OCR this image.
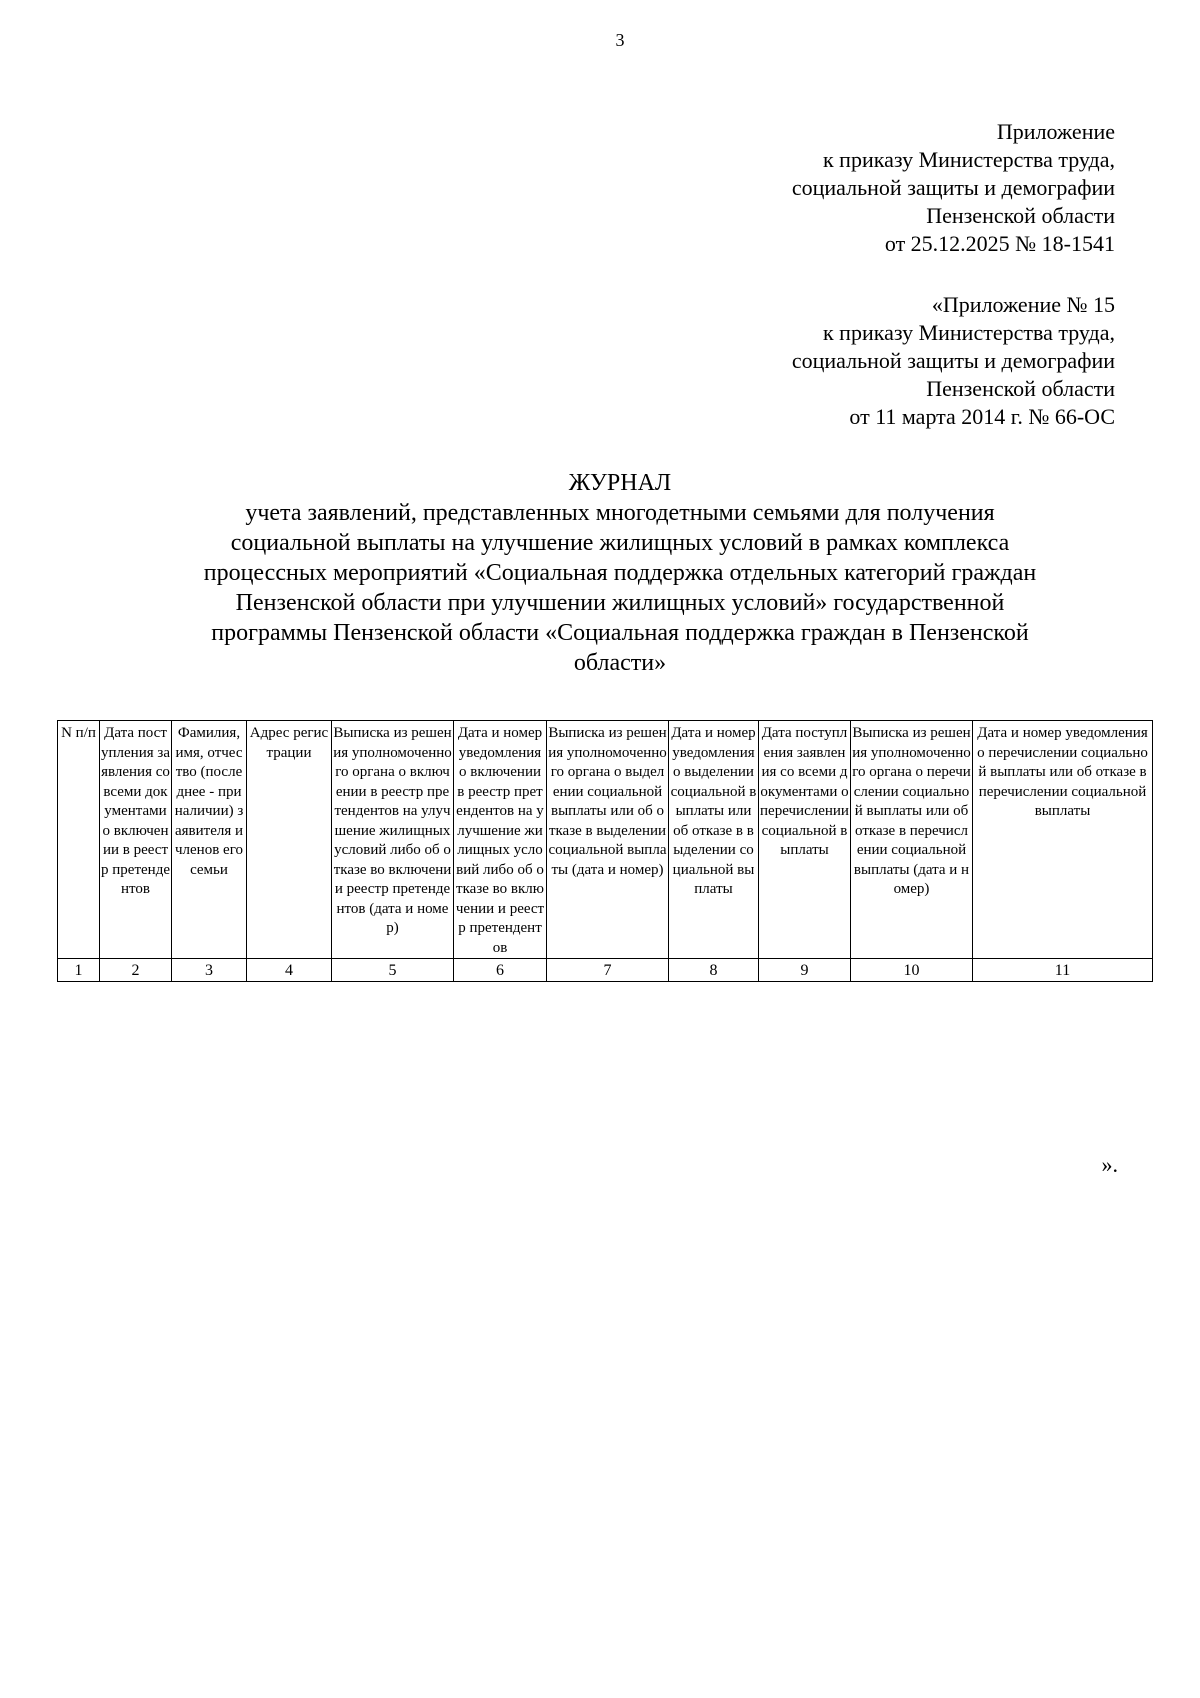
3
Приложение
к приказу Министерства труда,
социальной защиты и демографии
Пензенской области
от 25.12.2025 № 18-1541
«Приложение № 15
к приказу Министерства труда,
социальной защиты и демографии
Пензенской области
от 11 марта 2014 г. № 66-ОС
ЖУРНАЛ
учета заявлений, представленных многодетными семьями для получения
социальной выплаты на улучшение жилищных условий в рамках комплекса
процессных мероприятий «Социальная поддержка отдельных категорий граждан
Пензенской области при улучшении жилищных условий» государственной
программы Пензенской области «Социальная поддержка граждан в Пензенской
области»
N п/п	Дата поступления заявления со всеми документами о включении в реестр претендентов	Фамилия, имя, отчество (последнее - при наличии) заявителя и членов его семьи	Адрес регистрации	Выписка из решения уполномоченного органа о включении в реестр претендентов на улучшение жилищных условий либо об отказе во включении реестр претендентов (дата и номер)	Дата и номер уведомления о включении в реестр претендентов на улучшение жилищных условий либо об отказе во включении и реестр претендентов	Выписка из решения уполномоченного органа о выделении социальной выплаты или об отказе в выделении социальной выплаты (дата и номер)	Дата и номер уведомления о выделении социальной выплаты или об отказе в выделении социальной выплаты	Дата поступления заявления со всеми документами о перечислении социальной выплаты	Выписка из решения уполномоченного органа о перечислении социальной выплаты или об отказе в перечислении социальной выплаты (дата и номер)	Дата и номер уведомления о перечислении социальной выплаты или об отказе в перечислении социальной выплаты
1	2	3	4	5	6	7	8	9	10	11
».
